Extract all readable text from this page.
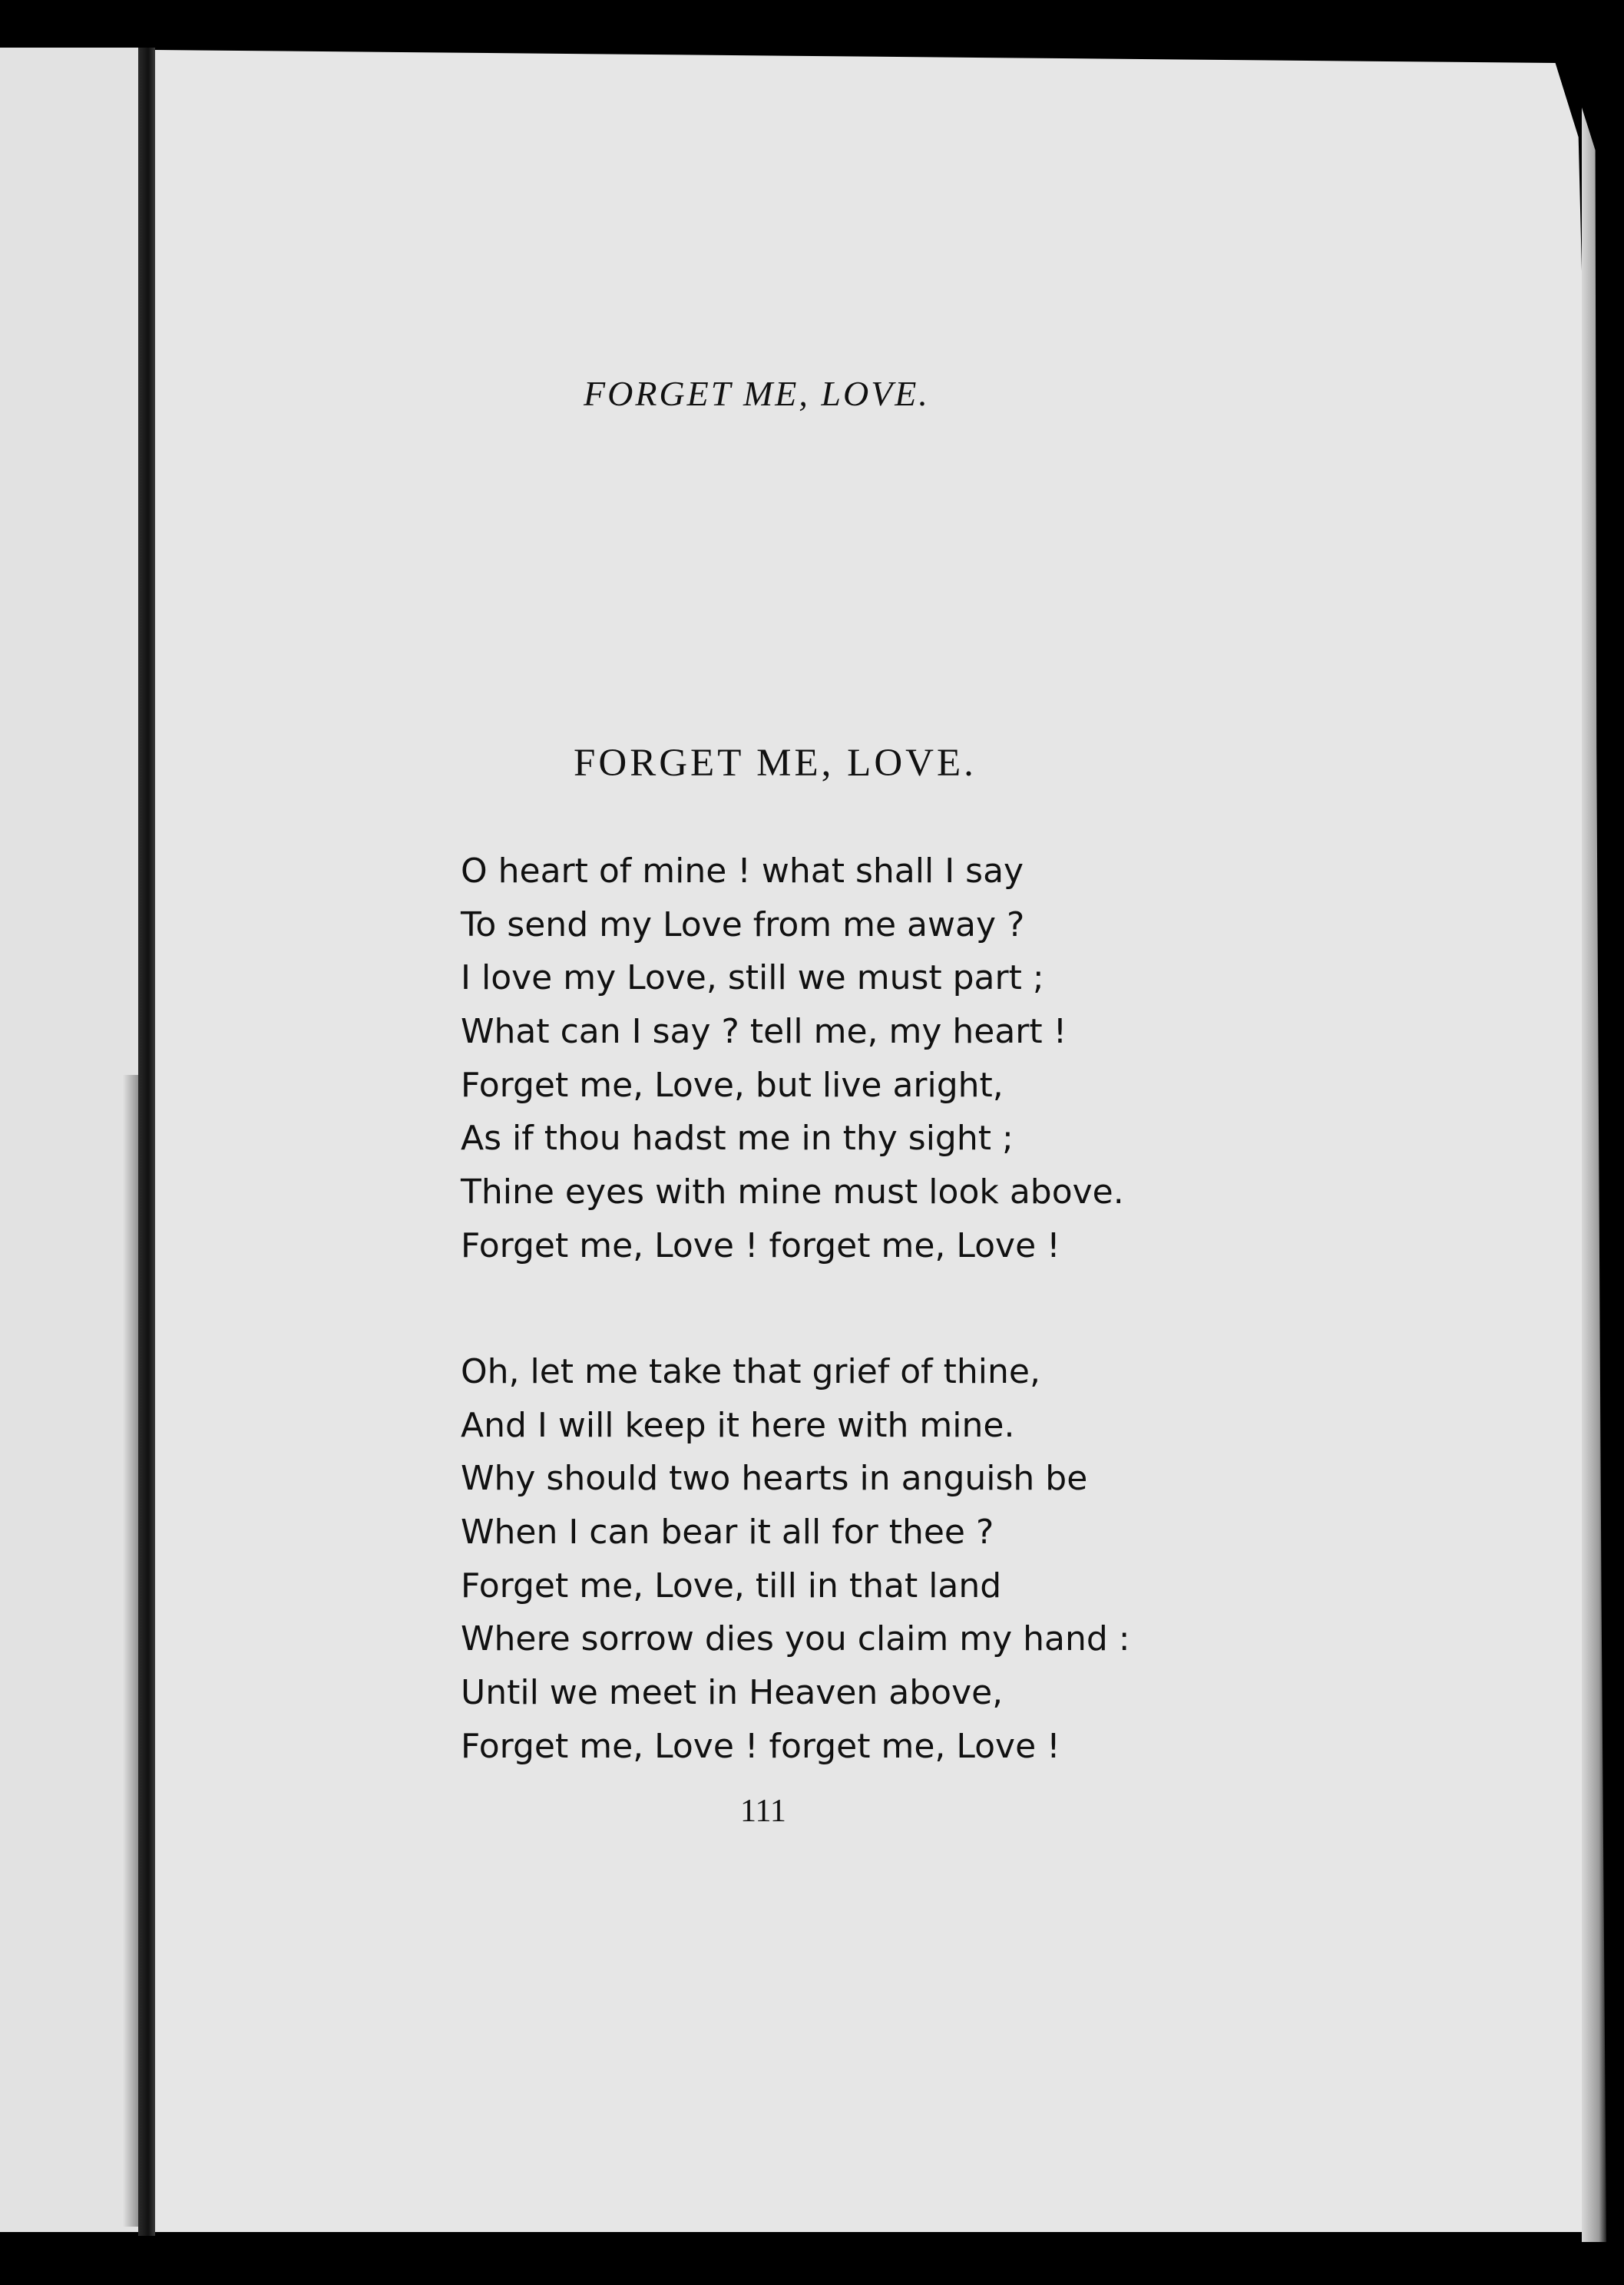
FORGET ME, LOVE.
FORGET ME, LOVE.
O heart of mine ! what shall I say
To send my Love from me away ?
I love my Love, still we must part ;
What can I say ? tell me, my heart !
Forget me, Love, but live aright,
As if thou hadst me in thy sight ;
Thine eyes with mine must look above.
Forget me, Love ! forget me, Love !
Oh, let me take that grief of thine,
And I will keep it here with mine.
Why should two hearts in anguish be
When I can bear it all for thee ?
Forget me, Love, till in that land
Where sorrow dies you claim my hand :
Until we meet in Heaven above,
Forget me, Love ! forget me, Love !
111
